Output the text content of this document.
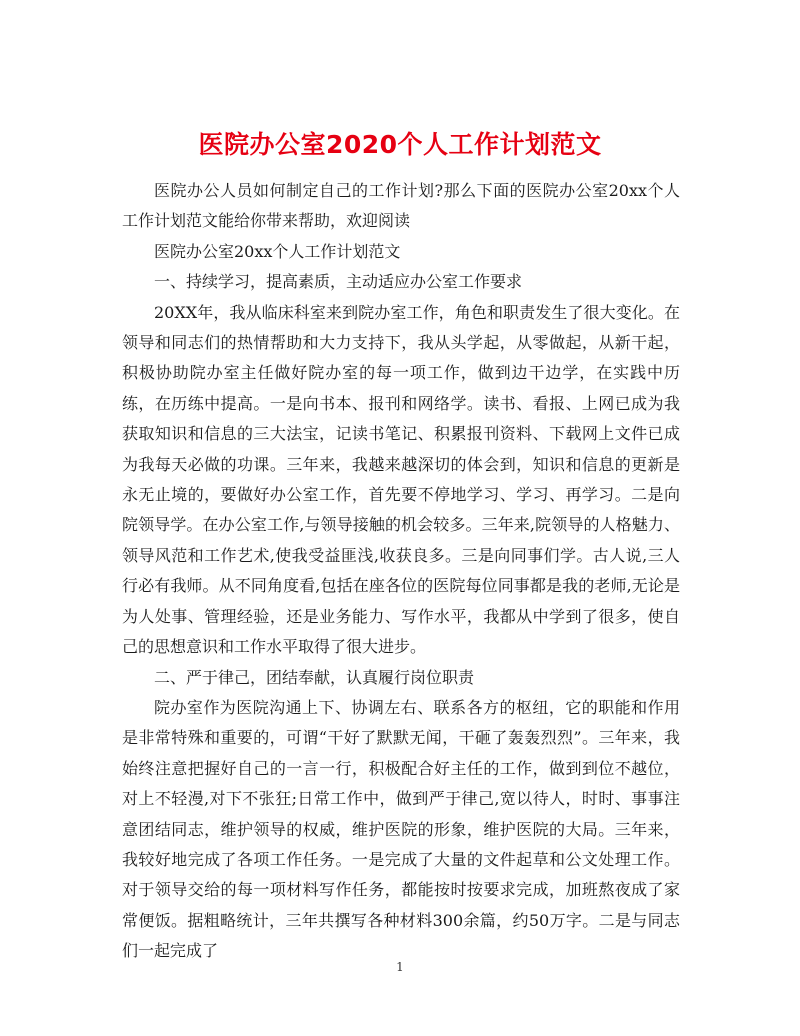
医院办公室2020个人工作计划范文

医院办公人员如何制定自己的工作计划?那么下面的医院办公室20xx个人工作计划范文能给你带来帮助，欢迎阅读

医院办公室20xx个人工作计划范文

一、持续学习，提高素质，主动适应办公室工作要求

20XX年，我从临床科室来到院办室工作，角色和职责发生了很大变化。在领导和同志们的热情帮助和大力支持下，我从头学起，从零做起，从新干起，积极协助院办室主任做好院办室的每一项工作，做到边干边学，在实践中历练，在历练中提高。一是向书本、报刊和网络学。读书、看报、上网已成为我获取知识和信息的三大法宝，记读书笔记、积累报刊资料、下载网上文件已成为我每天必做的功课。三年来，我越来越深切的体会到，知识和信息的更新是永无止境的，要做好办公室工作，首先要不停地学习、学习、再学习。二是向院领导学。在办公室工作,与领导接触的机会较多。三年来,院领导的人格魅力、领导风范和工作艺术,使我受益匪浅,收获良多。三是向同事们学。古人说,三人行必有我师。从不同角度看,包括在座各位的医院每位同事都是我的老师,无论是为人处事、管理经验，还是业务能力、写作水平，我都从中学到了很多，使自己的思想意识和工作水平取得了很大进步。

二、严于律己，团结奉献，认真履行岗位职责

院办室作为医院沟通上下、协调左右、联系各方的枢纽，它的职能和作用是非常特殊和重要的，可谓“干好了默默无闻，干砸了轰轰烈烈”。三年来，我始终注意把握好自己的一言一行，积极配合好主任的工作，做到到位不越位，对上不轻漫,对下不张狂;日常工作中，做到严于律己,宽以待人，时时、事事注意团结同志，维护领导的权威，维护医院的形象，维护医院的大局。三年来，我较好地完成了各项工作任务。一是完成了大量的文件起草和公文处理工作。对于领导交给的每一项材料写作任务，都能按时按要求完成，加班熬夜成了家常便饭。据粗略统计，三年共撰写各种材料300余篇，约50万字。二是与同志们一起完成了

1
